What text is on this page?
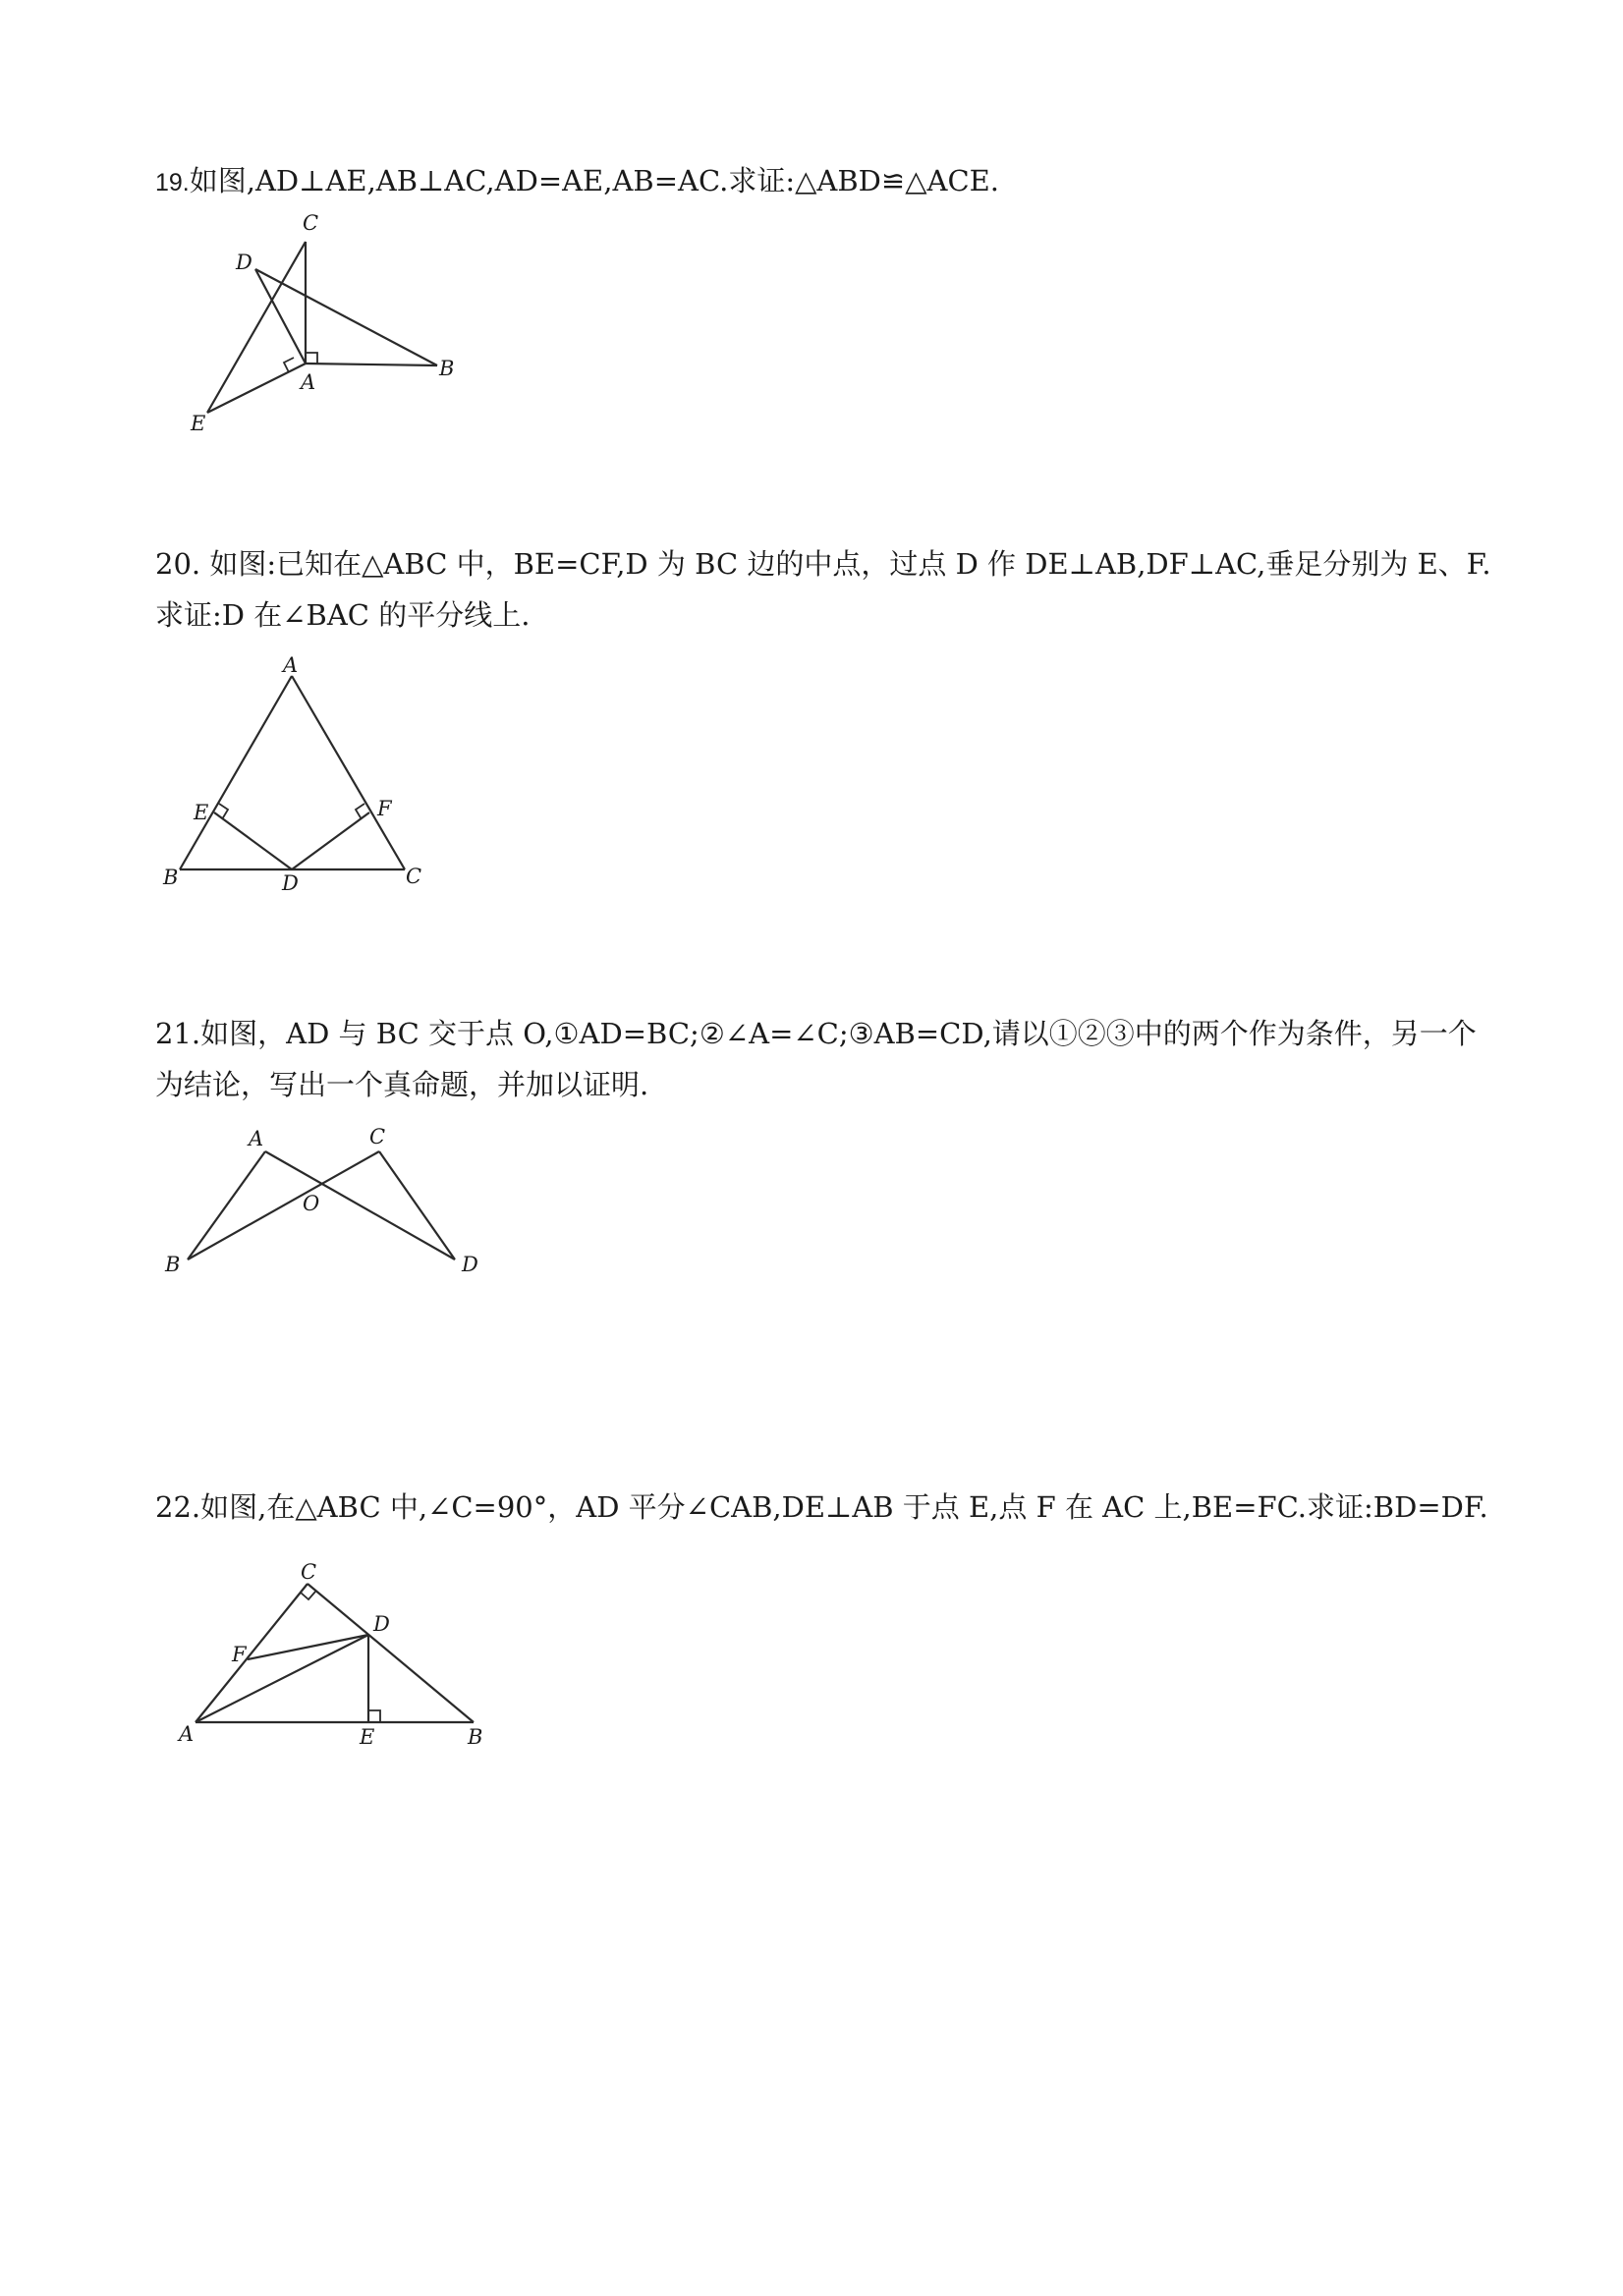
19.如图,AD⊥AE,AB⊥AC,AD=AE,AB=AC.求证:△ABD≌△ACE.

C
D
A
B
E

20. 如图:已知在△ABC 中，BE=CF,D 为 BC 边的中点，过点 D 作 DE⊥AB,DF⊥AC,垂足分别为 E、F.求证:D 在∠BAC 的平分线上.

A
E	F
B	D	C

21.如图，AD 与 BC 交于点 O,①AD=BC;②∠A=∠C;③AB=CD,请以①②③中的两个作为条件，另一个为结论，写出一个真命题，并加以证明.

A	C
O
B	D

22.如图,在△ABC 中,∠C=90°，AD 平分∠CAB,DE⊥AB 于点 E,点 F 在 AC 上,BE=FC.求证:BD=DF.

C
D
F
A	E	B
